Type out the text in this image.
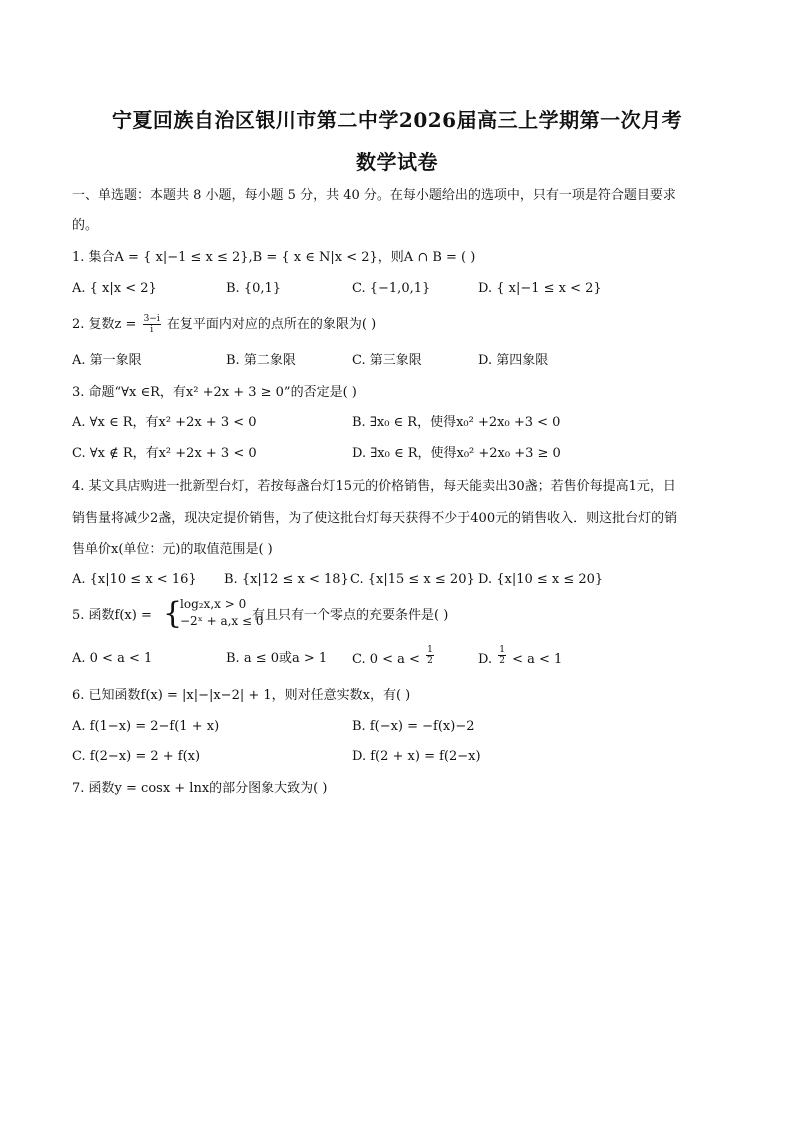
宁夏回族自治区银川市第二中学2026届高三上学期第一次月考
数学试卷
一、单选题：本题共 8 小题，每小题 5 分，共 40 分。在每小题给出的选项中，只有一项是符合题目要求
的。
1. 集合A = { x|−1 ≤ x ≤ 2},B = { x ∈ N|x < 2}，则A ∩ B = ( )
A. { x|x < 2}	B. {0,1}	C. {−1,0,1}	D. { x|−1 ≤ x < 2}
2. 复数$z = \frac{3-i}{i}$ 在复平面内对应的点所在的象限为( )
A. 第一象限	B. 第二象限	C. 第三象限	D. 第四象限
3. 命题“∀x ∈R，有x² +2x + 3 ≥ 0”的否定是( )
A. ∀x ∈ R，有x² +2x + 3 < 0	B. ∃x₀ ∈ R，使得x₀² +2x₀ +3 < 0
C. ∀x ∉ R，有x² +2x + 3 < 0	D. ∃x₀ ∈ R，使得x₀² +2x₀ +3 ≥ 0
4. 某文具店购进一批新型台灯，若按每盏台灯15元的价格销售，每天能卖出30盏；若售价每提高1元，日
销售量将减少2盏，现决定提价销售，为了使这批台灯每天获得不少于400元的销售收入．则这批台灯的销
售单价x(单位：元)的取值范围是( )
A. {x|10 ≤ x < 16} B. {x|12 ≤ x < 18} C. {x|15 ≤ x ≤ 20} D. {x|10 ≤ x ≤ 20}
5. 函数f(x) = {
log₂x,x > 0
−2ˣ + a,x ≤ 0
有且只有一个零点的充要条件是( )
A. 0 < a < 1	B. a ≤ 0或a > 1 C. $0 < a < \frac{1}{2}$	D. $\frac{1}{2} < a < 1$
6. 已知函数f(x) = |x|−|x−2| + 1，则对任意实数x，有( )
A. f(1−x) = 2−f(1 + x)	B. f(−x) = −f(x)−2
C. f(2−x) = 2 + f(x)	D. f(2 + x) = f(2−x)
7. 函数y = cosx + lnx的部分图象大致为( )
